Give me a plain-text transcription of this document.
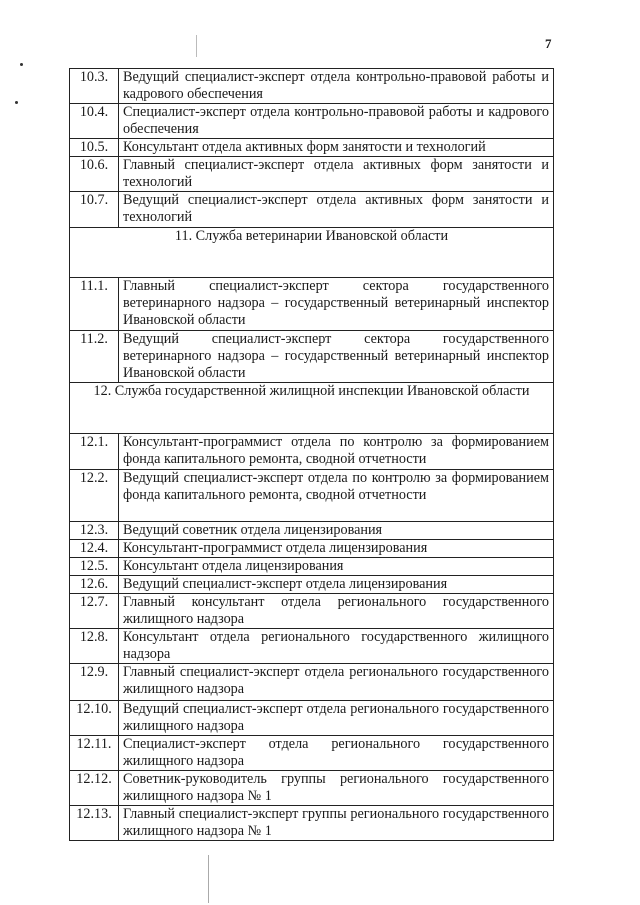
7
10.3.	Ведущий специалист-эксперт отдела контрольно-правовой работы и кадрового обеспечения
10.4.	Специалист-эксперт отдела контрольно-правовой работы и кадрового обеспечения
10.5.	Консультант отдела активных форм занятости и технологий
10.6.	Главный специалист-эксперт отдела активных форм занятости и технологий
10.7.	Ведущий специалист-эксперт отдела активных форм занятости и технологий
11. Служба ветеринарии Ивановской области	
11.1.	Главный специалист-эксперт сектора государственного ветеринарного надзора – государственный ветеринарный инспектор Ивановской области
11.2.	Ведущий специалист-эксперт сектора государственного ветеринарного надзора – государственный ветеринарный инспектор Ивановской области
12. Служба государственной жилищной инспекции Ивановской области	
12.1.	Консультант-программист отдела по контролю за формированием фонда капитального ремонта, сводной отчетности
12.2.	Ведущий специалист-эксперт отдела по контролю за формированием фонда капитального ремонта, сводной отчетности
12.3.	Ведущий советник отдела лицензирования
12.4.	Консультант-программист отдела лицензирования
12.5.	Консультант отдела лицензирования
12.6.	Ведущий специалист-эксперт отдела лицензирования
12.7.	Главный консультант отдела регионального государственного жилищного надзора
12.8.	Консультант отдела регионального государственного жилищного надзора
12.9.	Главный специалист-эксперт отдела регионального государственного жилищного надзора
12.10.	Ведущий специалист-эксперт отдела регионального государственного жилищного надзора
12.11.	Специалист-эксперт отдела регионального государственного жилищного надзора
12.12.	Советник-руководитель группы регионального государственного жилищного надзора № 1
12.13.	Главный специалист-эксперт группы регионального государственного жилищного надзора № 1
